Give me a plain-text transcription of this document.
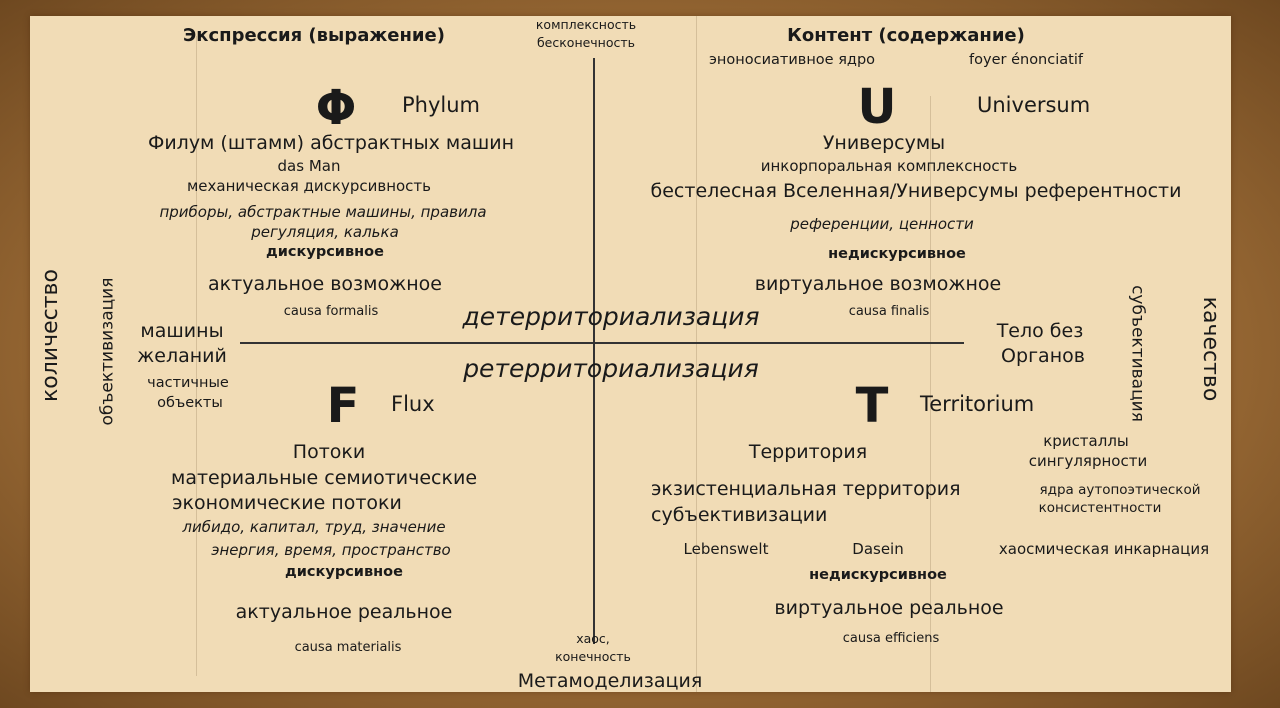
Экспрессия (выражение)	Контент (содержание)
комплексность
бесконечность
эноносиативное ядро	foyer énonciatif
Φ Phylum
Филум (штамм) абстрактных машин
das Man
механическая дискурсивность
приборы, абстрактные машины, правила
регуляция, калька
дискурсивное
актуальное возможное
causa formalis
U	Universum
Универсумы
инкорпоральная комплексность
бестелесная Вселенная/Универсумы референтности
референции, ценности
недискурсивное
виртуальное возможное
causa finalis
детерриториализация
ретерриториализация
количество объективизация машины
желаний
частичные
объекты	субъективация качество
Тело без
Органов
кристаллы
сингулярности
ядра аутопоэтической
консистентности
F Flux
Потоки
материальные семиотические
экономические потоки
либидо, капитал, труд, значение
энергия, время, пространство
дискурсивное
актуальное реальное
causa materialis
T Territorium
Территория
экзистенциальная территория
субъективизации
Lebenswelt	Dasein	хаосмическая инкарнация
недискурсивное
виртуальное реальное
causa efficiens
хаос,
конечность
Метамоделизация
